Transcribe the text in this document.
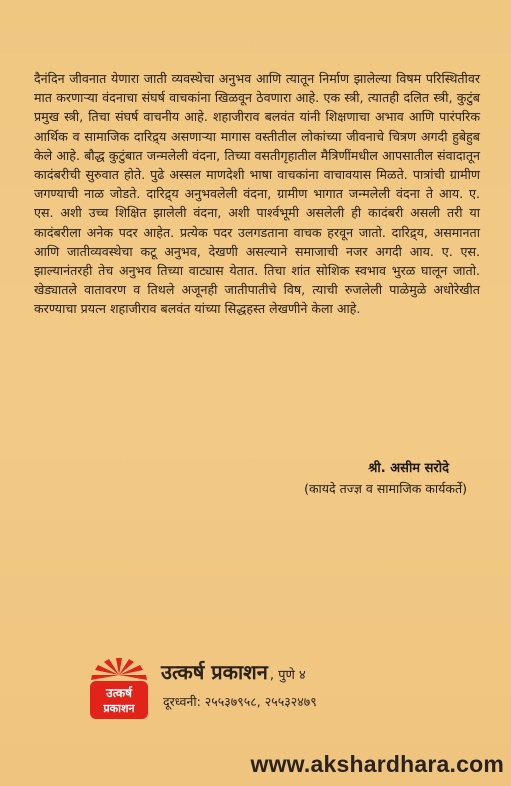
दैनंदिन जीवनात येणारा जाती व्यवस्थेचा अनुभव आणि त्यातून निर्माण झालेल्या विषम परिस्थितीवर मात करणाऱ्या वंदनाचा संघर्ष वाचकांना खिळवून ठेवणारा आहे. एक स्त्री, त्यातही दलित स्त्री, कुटुंब प्रमुख स्त्री, तिचा संघर्ष वाचनीय आहे. शहाजीराव बलवंत यांनी शिक्षणाचा अभाव आणि पारंपरिक आर्थिक व सामाजिक दारिद्र्य असणाऱ्या मागास वस्तीतील लोकांच्या जीवनाचे चित्रण अगदी हुबेहुब केले आहे. बौद्ध कुटुंबात जन्मलेली वंदना, तिच्या वसतीगृहातील मैत्रिणींमधील आपसातील संवादातून कादंबरीची सुरुवात होते. पुढे अस्सल माणदेशी भाषा वाचकांना वाचावयास मिळते. पात्रांची ग्रामीण जगण्याची नाळ जोडते. दारिद्र्य अनुभवलेली वंदना, ग्रामीण भागात जन्मलेली वंदना ते आय. ए. एस. अशी उच्च शिक्षित झालेली वंदना, अशी पार्श्वभूमी असलेली ही कादंबरी असली तरी या कादंबरीला अनेक पदर आहेत. प्रत्येक पदर उलगडताना वाचक हरवून जातो. दारिद्र्य, असमानता आणि जातीव्यवस्थेचा कटू अनुभव, देखणी असल्याने समाजाची नजर अगदी आय. ए. एस. झाल्यानंतरही तेच अनुभव तिच्या वाट्यास येतात. तिचा शांत सोशिक स्वभाव भुरळ घालून जातो. खेड्यातले वातावरण व तिथले अजूनही जातीपातीचे विष, त्याची रुजलेली पाळेमुळे अधोरेखीत करण्याचा प्रयत्न शहाजीराव बलवंत यांच्या सिद्धहस्त लेखणीने केला आहे.

श्री. असीम सरोदे
(कायदे तज्ज्ञ व सामाजिक कार्यकर्ते)
उत्कर्ष
प्रकाशन
उत्कर्ष प्रकाशन , पुणे ४
दूरध्वनी: २५५३७९५८, २५५३२४७९
www.akshardhara.com
